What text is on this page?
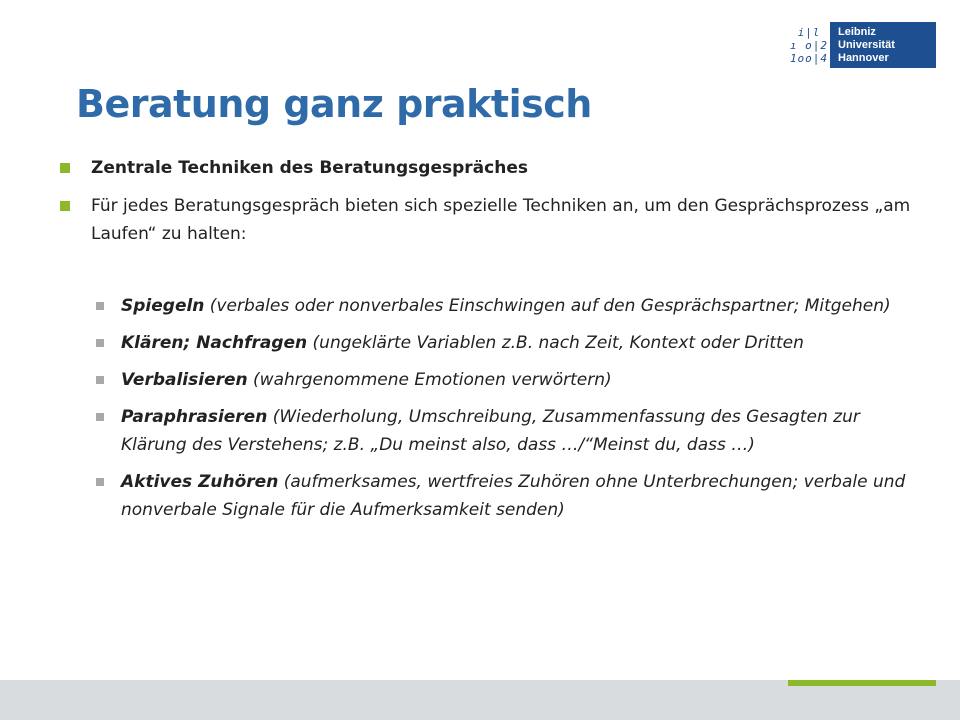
i|l
ı o|2
1oo|4
Leibniz
Universität
Hannover
Beratung ganz praktisch
Zentrale Techniken des Beratungsgespräches
Für jedes Beratungsgespräch bieten sich spezielle Techniken an, um den Gesprächsprozess „am Laufen“ zu halten:
Spiegeln (verbales oder nonverbales Einschwingen auf den Gesprächspartner; Mitgehen)
Klären; Nachfragen (ungeklärte Variablen z.B. nach Zeit, Kontext oder Dritten
Verbalisieren (wahrgenommene Emotionen verwörtern)
Paraphrasieren (Wiederholung, Umschreibung, Zusammenfassung des Gesagten zur Klärung des Verstehens; z.B. „Du meinst also, dass …/“Meinst du, dass …)
Aktives Zuhören (aufmerksames, wertfreies Zuhören ohne Unterbrechungen; verbale und nonverbale Signale für die Aufmerksamkeit senden)
